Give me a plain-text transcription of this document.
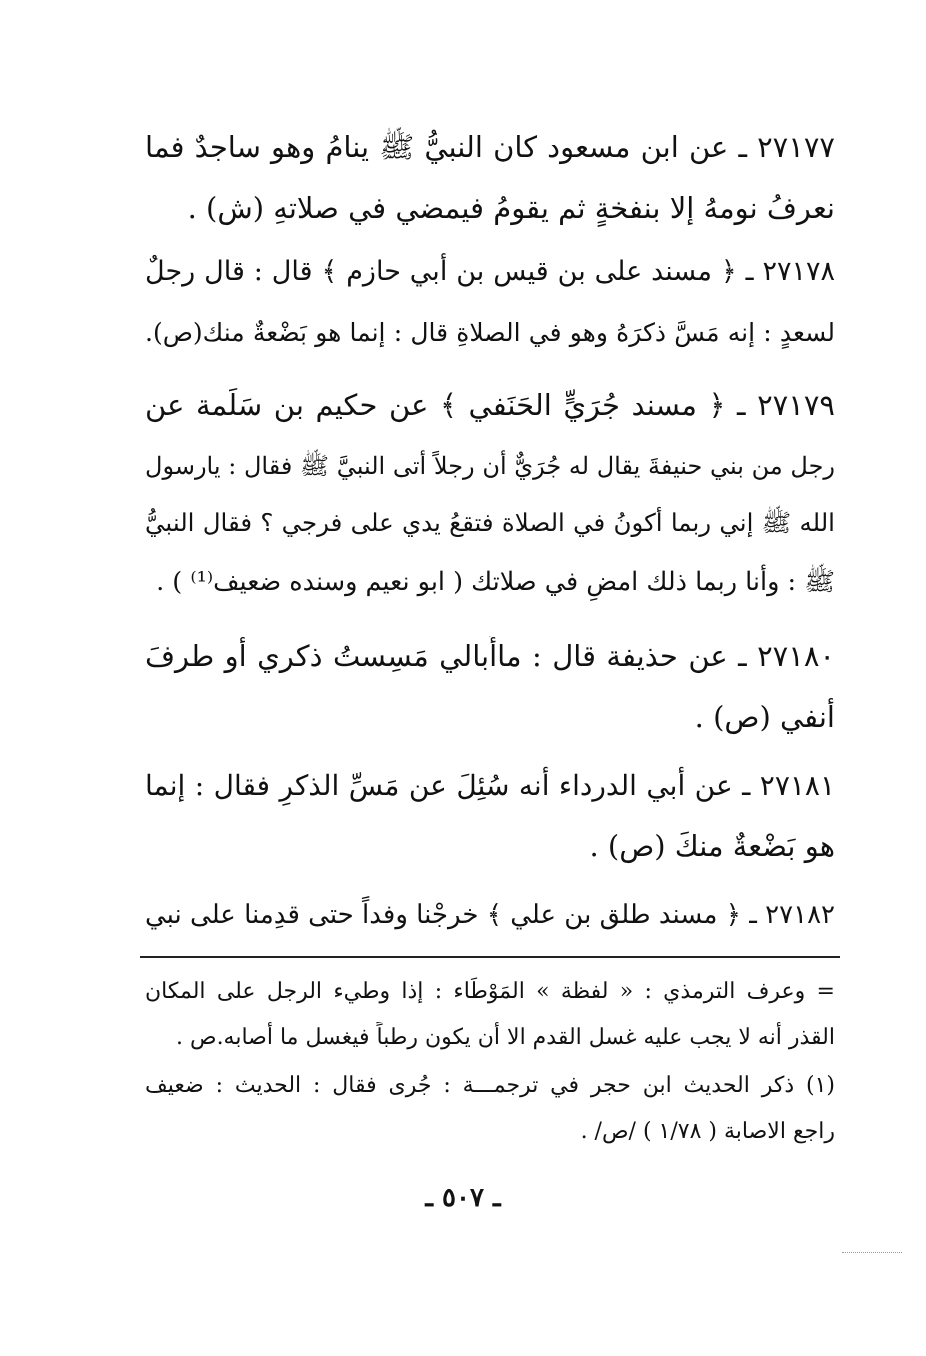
٢٧١٧٧ ـ عن ابن مسعود كان النبيُّ ﷺ ينامُ وهو ساجدٌ فما
نعرفُ نومهُ إلا بنفخةٍ ثم يقومُ فيمضي في صلاتهِ (ش) .
٢٧١٧٨ ـ ﴿ مسند على بن قيس بن أبي حازم ﴾ قال : قال رجلٌ
لسعدٍ : إنه مَسَّ ذكرَهُ وهو في الصلاةِ قال : إنما هو بَضْعةٌ منك(ص).
٢٧١٧٩ ـ ﴿ مسند جُرَيٍّ الحَنَفي ﴾ عن حكيم بن سَلَمة عن
رجل من بني حنيفةَ يقال له جُرَيٌّ أن رجلاً أتى النبيَّ ﷺ فقال : يارسول
الله ﷺ إني ربما أكونُ في الصلاة فتقعُ يدي على فرجي ؟ فقال النبيُّ
ﷺ : وأنا ربما ذلك امضِ في صلاتك ( ابو نعيم وسنده ضعيف⁽¹⁾ ) .
٢٧١٨٠ ـ عن حذيفة قال : ماأُبالي مَسِستُ ذكري أو طرفَ
أنفي (ص) .
٢٧١٨١ ـ عن أبي الدرداء أنه سُئِلَ عن مَسِّ الذكرِ فقال : إنما
هو بَضْعةٌ منكَ (ص) .
٢٧١٨٢ ـ ﴿ مسند طلق بن علي ﴾ خرجْنا وفداً حتى قدِمنا على نبي
= وعرف الترمذي : « لفظة » المَوْطَاء : إذا وطيء الرجل على المكان
القذر أنه لا يجب عليه غسل القدم الا أن يكون رطباً فيغسل ما أصابه.ص .
(١) ذكر الحديث ابن حجر في ترجمـــة : جُرى فقال : الحديث : ضعيف
راجع الاصابة ( ١/٧٨ ) /ص/ .
ـ ٥٠٧ ـ
